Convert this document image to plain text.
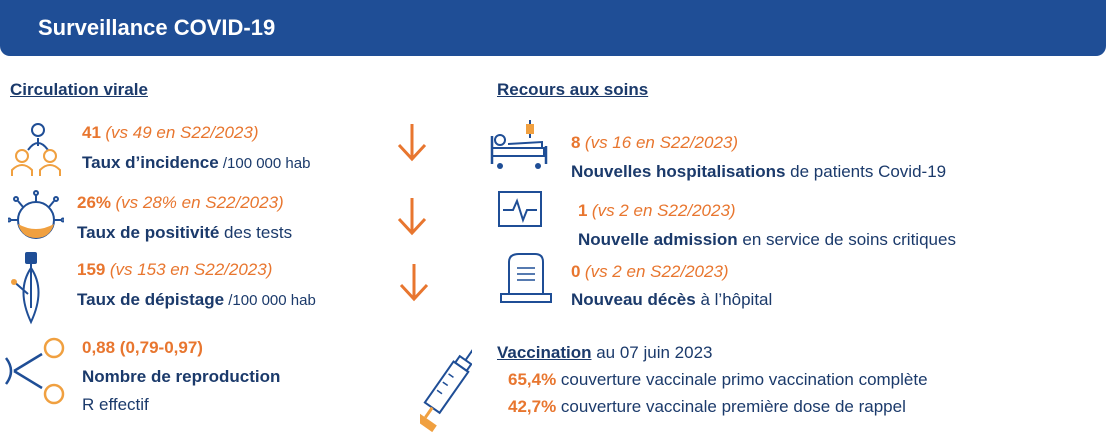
Surveillance COVID-19
Circulation virale	Recours aux soins
41 (vs 49 en S22/2023)
Taux d’incidence /100 000 hab
26% (vs 28% en S22/2023)
Taux de positivité des tests
159 (vs 153 en S22/2023)
Taux de dépistage /100 000 hab
0,88 (0,79-0,97)
Nombre de reproduction
R effectif
8 (vs 16 en S22/2023)
Nouvelles hospitalisations de patients Covid-19
1 (vs 2 en S22/2023)
Nouvelle admission en service de soins critiques
0 (vs 2 en S22/2023)
Nouveau décès à l’hôpital
Vaccination au 07 juin 2023
65,4% couverture vaccinale primo vaccination complète
42,7% couverture vaccinale première dose de rappel
